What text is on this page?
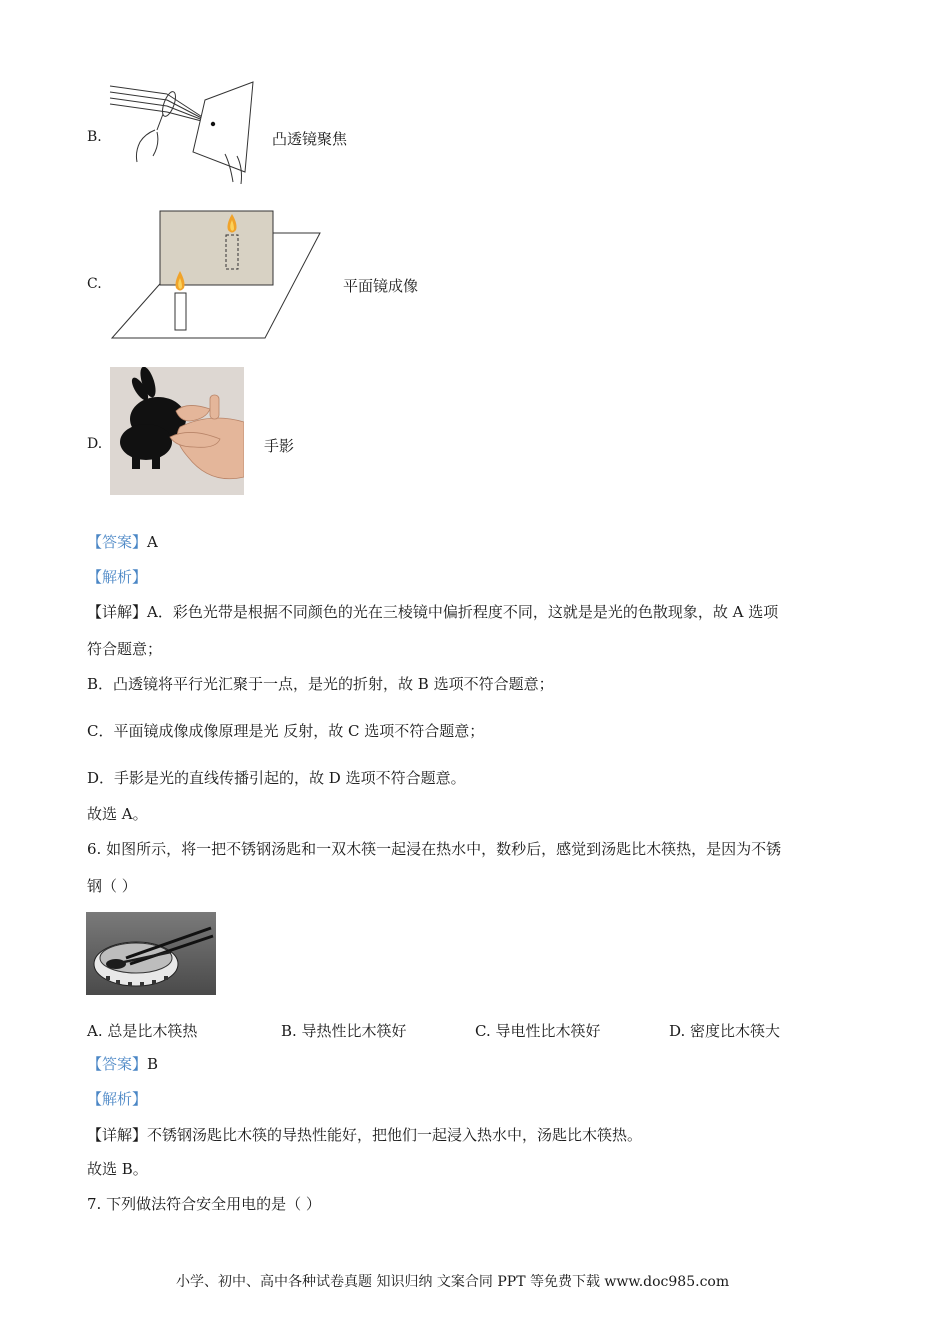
B.	凸透镜聚焦
C.	平面镜成像
D.	手影
【答案】A
【解析】
【详解】A．彩色光带是根据不同颜色的光在三棱镜中偏折程度不同，这就是是光的色散现象，故 A 选项
符合题意；
B．凸透镜将平行光汇聚于一点，是光的折射，故 B 选项不符合题意；
C．平面镜成像成像原理是光 反射，故 C 选项不符合题意；
D．手影是光的直线传播引起的，故 D 选项不符合题意。
故选 A。
6. 如图所示，将一把不锈钢汤匙和一双木筷一起浸在热水中，数秒后，感觉到汤匙比木筷热，是因为不锈
钢（ ）
A. 总是比木筷热	B. 导热性比木筷好	C. 导电性比木筷好	D. 密度比木筷大
【答案】B
【解析】
【详解】不锈钢汤匙比木筷的导热性能好，把他们一起浸入热水中，汤匙比木筷热。
故选 B。
7. 下列做法符合安全用电的是（ ）
小学、初中、高中各种试卷真题 知识归纳 文案合同 PPT 等免费下载 www.doc985.com
